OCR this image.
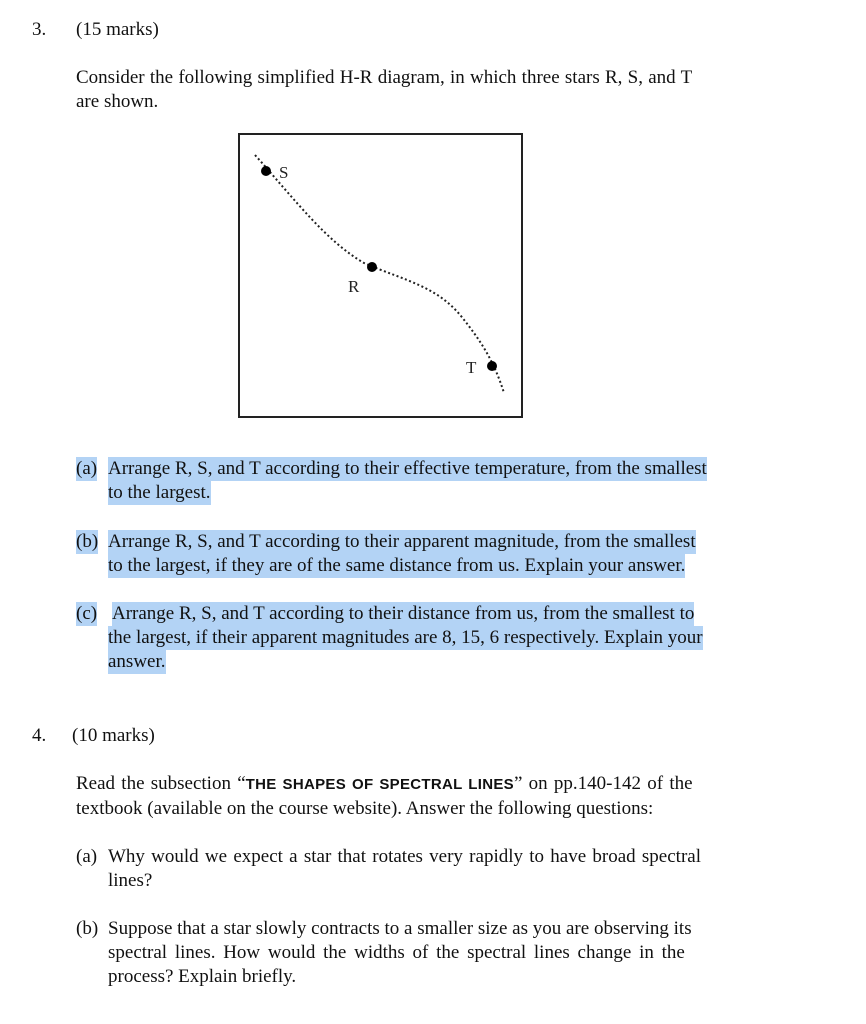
3. (15 marks)
Consider the following simplified H-R diagram, in which three stars R, S, and T
are shown.
S
R
T
(a) Arrange R, S, and T according to their effective temperature, from the smallest
to the largest.
(b) Arrange R, S, and T according to their apparent magnitude, from the smallest
to the largest, if they are of the same distance from us. Explain your answer.
(c) Arrange R, S, and T according to their distance from us, from the smallest to
the largest, if their apparent magnitudes are 8, 15, 6 respectively. Explain your
answer.
4. (10 marks)
Read the subsection “THE SHAPES OF SPECTRAL LINES” on pp.140-142 of the
textbook (available on the course website). Answer the following questions:
(a) Why would we expect a star that rotates very rapidly to have broad spectral
lines?
(b) Suppose that a star slowly contracts to a smaller size as you are observing its
spectral lines. How would the widths of the spectral lines change in the
process? Explain briefly.
